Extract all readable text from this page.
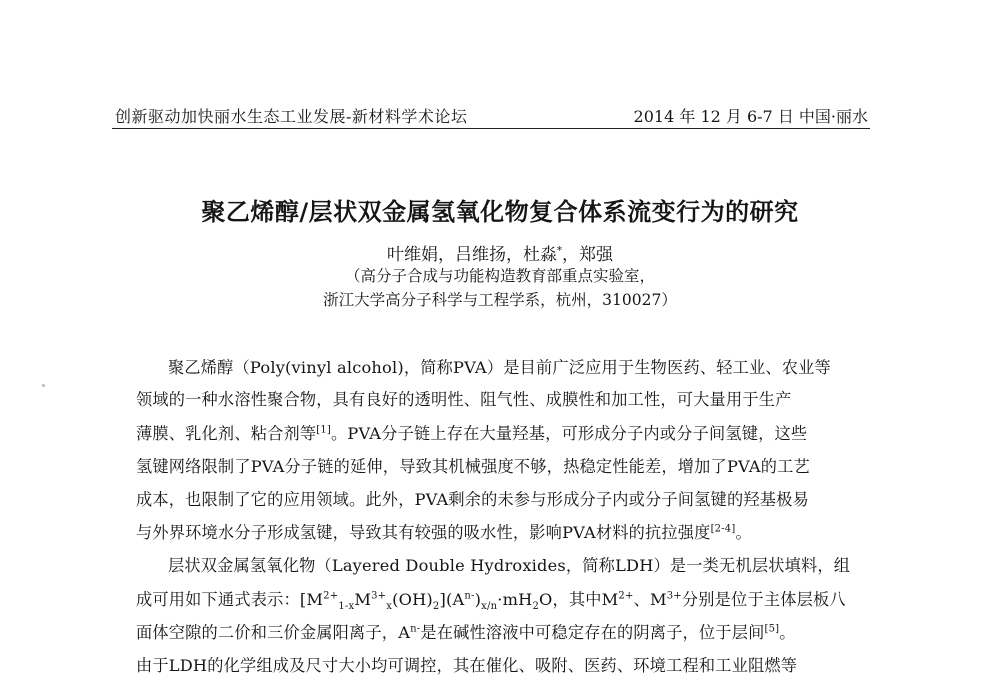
创新驱动加快丽水生态工业发展-新材料学术论坛	2014 年 12 月 6-7 日 中国·丽水
聚乙烯醇/层状双金属氢氧化物复合体系流变行为的研究
叶维娟，吕维扬，杜淼*，郑强
（高分子合成与功能构造教育部重点实验室，
浙江大学高分子科学与工程学系，杭州，310027）
聚乙烯醇（Poly(vinyl alcohol)，简称PVA）是目前广泛应用于生物医药、轻工业、农业等
领域的一种水溶性聚合物，具有良好的透明性、阻气性、成膜性和加工性，可大量用于生产
薄膜、乳化剂、粘合剂等[1]。PVA分子链上存在大量羟基，可形成分子内或分子间氢键，这些
氢键网络限制了PVA分子链的延伸，导致其机械强度不够，热稳定性能差，增加了PVA的工艺
成本，也限制了它的应用领域。此外，PVA剩余的未参与形成分子内或分子间氢键的羟基极易
与外界环境水分子形成氢键，导致其有较强的吸水性，影响PVA材料的抗拉强度[2-4]。
层状双金属氢氧化物（Layered Double Hydroxides，简称LDH）是一类无机层状填料，组
成可用如下通式表示：$[M^{2+}_{1-x}M^{3+}_x(OH)_2](A^{n-})_{x/n}\cdot mH_2O$，其中$M^{2+}$、$M^{3+}$分别是位于主体层板八
面体空隙的二价和三价金属阳离子，$A^{n-}$是在碱性溶液中可稳定存在的阴离子，位于层间[5]。
由于LDH的化学组成及尺寸大小均可调控，其在催化、吸附、医药、环境工程和工业阻燃等
